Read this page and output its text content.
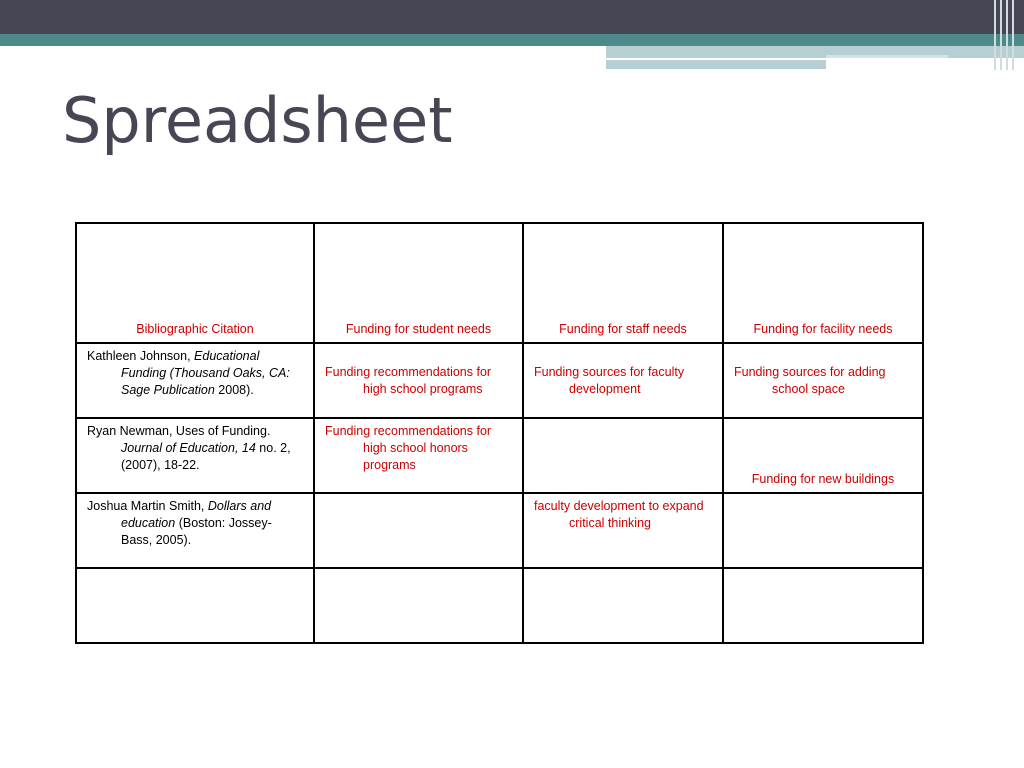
Spreadsheet
Bibliographic Citation	Funding for student needs	Funding for staff needs	Funding for facility needs

Kathleen Johnson, Educational Funding (Thousand Oaks, CA: Sage Publication 2008).	Funding recommendations for high school programs	Funding sources for faculty development	Funding sources for adding school space

Ryan Newman, Uses of Funding. Journal of Education, 14 no. 2, (2007), 18-22.	Funding recommendations for high school honors programs		Funding for new buildings

Joshua Martin Smith, Dollars and education (Boston: Jossey-Bass, 2005).		faculty development to expand critical thinking	
